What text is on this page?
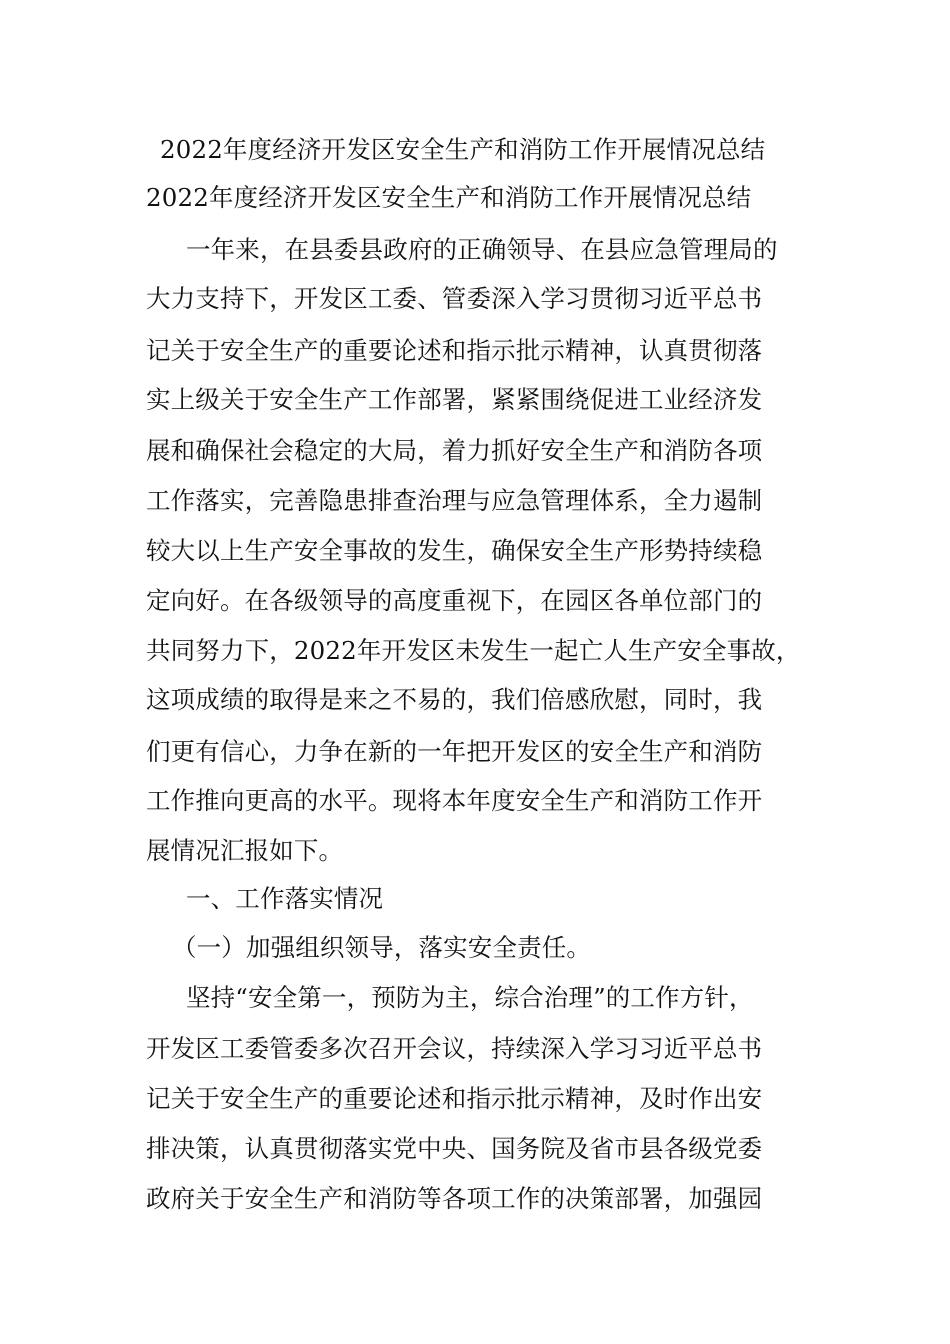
2022年度经济开发区安全生产和消防工作开展情况总结
2022年度经济开发区安全生产和消防工作开展情况总结
一年来，在县委县政府的正确领导、在县应急管理局的
大力支持下，开发区工委、管委深入学习贯彻习近平总书
记关于安全生产的重要论述和指示批示精神，认真贯彻落
实上级关于安全生产工作部署，紧紧围绕促进工业经济发
展和确保社会稳定的大局，着力抓好安全生产和消防各项
工作落实，完善隐患排查治理与应急管理体系，全力遏制
较大以上生产安全事故的发生，确保安全生产形势持续稳
定向好。在各级领导的高度重视下，在园区各单位部门的
共同努力下，2022年开发区未发生一起亡人生产安全事故，
这项成绩的取得是来之不易的，我们倍感欣慰，同时，我
们更有信心，力争在新的一年把开发区的安全生产和消防
工作推向更高的水平。现将本年度安全生产和消防工作开
展情况汇报如下。
一、工作落实情况
（一）加强组织领导，落实安全责任。
坚持“安全第一，预防为主，综合治理”的工作方针，
开发区工委管委多次召开会议，持续深入学习习近平总书
记关于安全生产的重要论述和指示批示精神，及时作出安
排决策，认真贯彻落实党中央、国务院及省市县各级党委
政府关于安全生产和消防等各项工作的决策部署，加强园
